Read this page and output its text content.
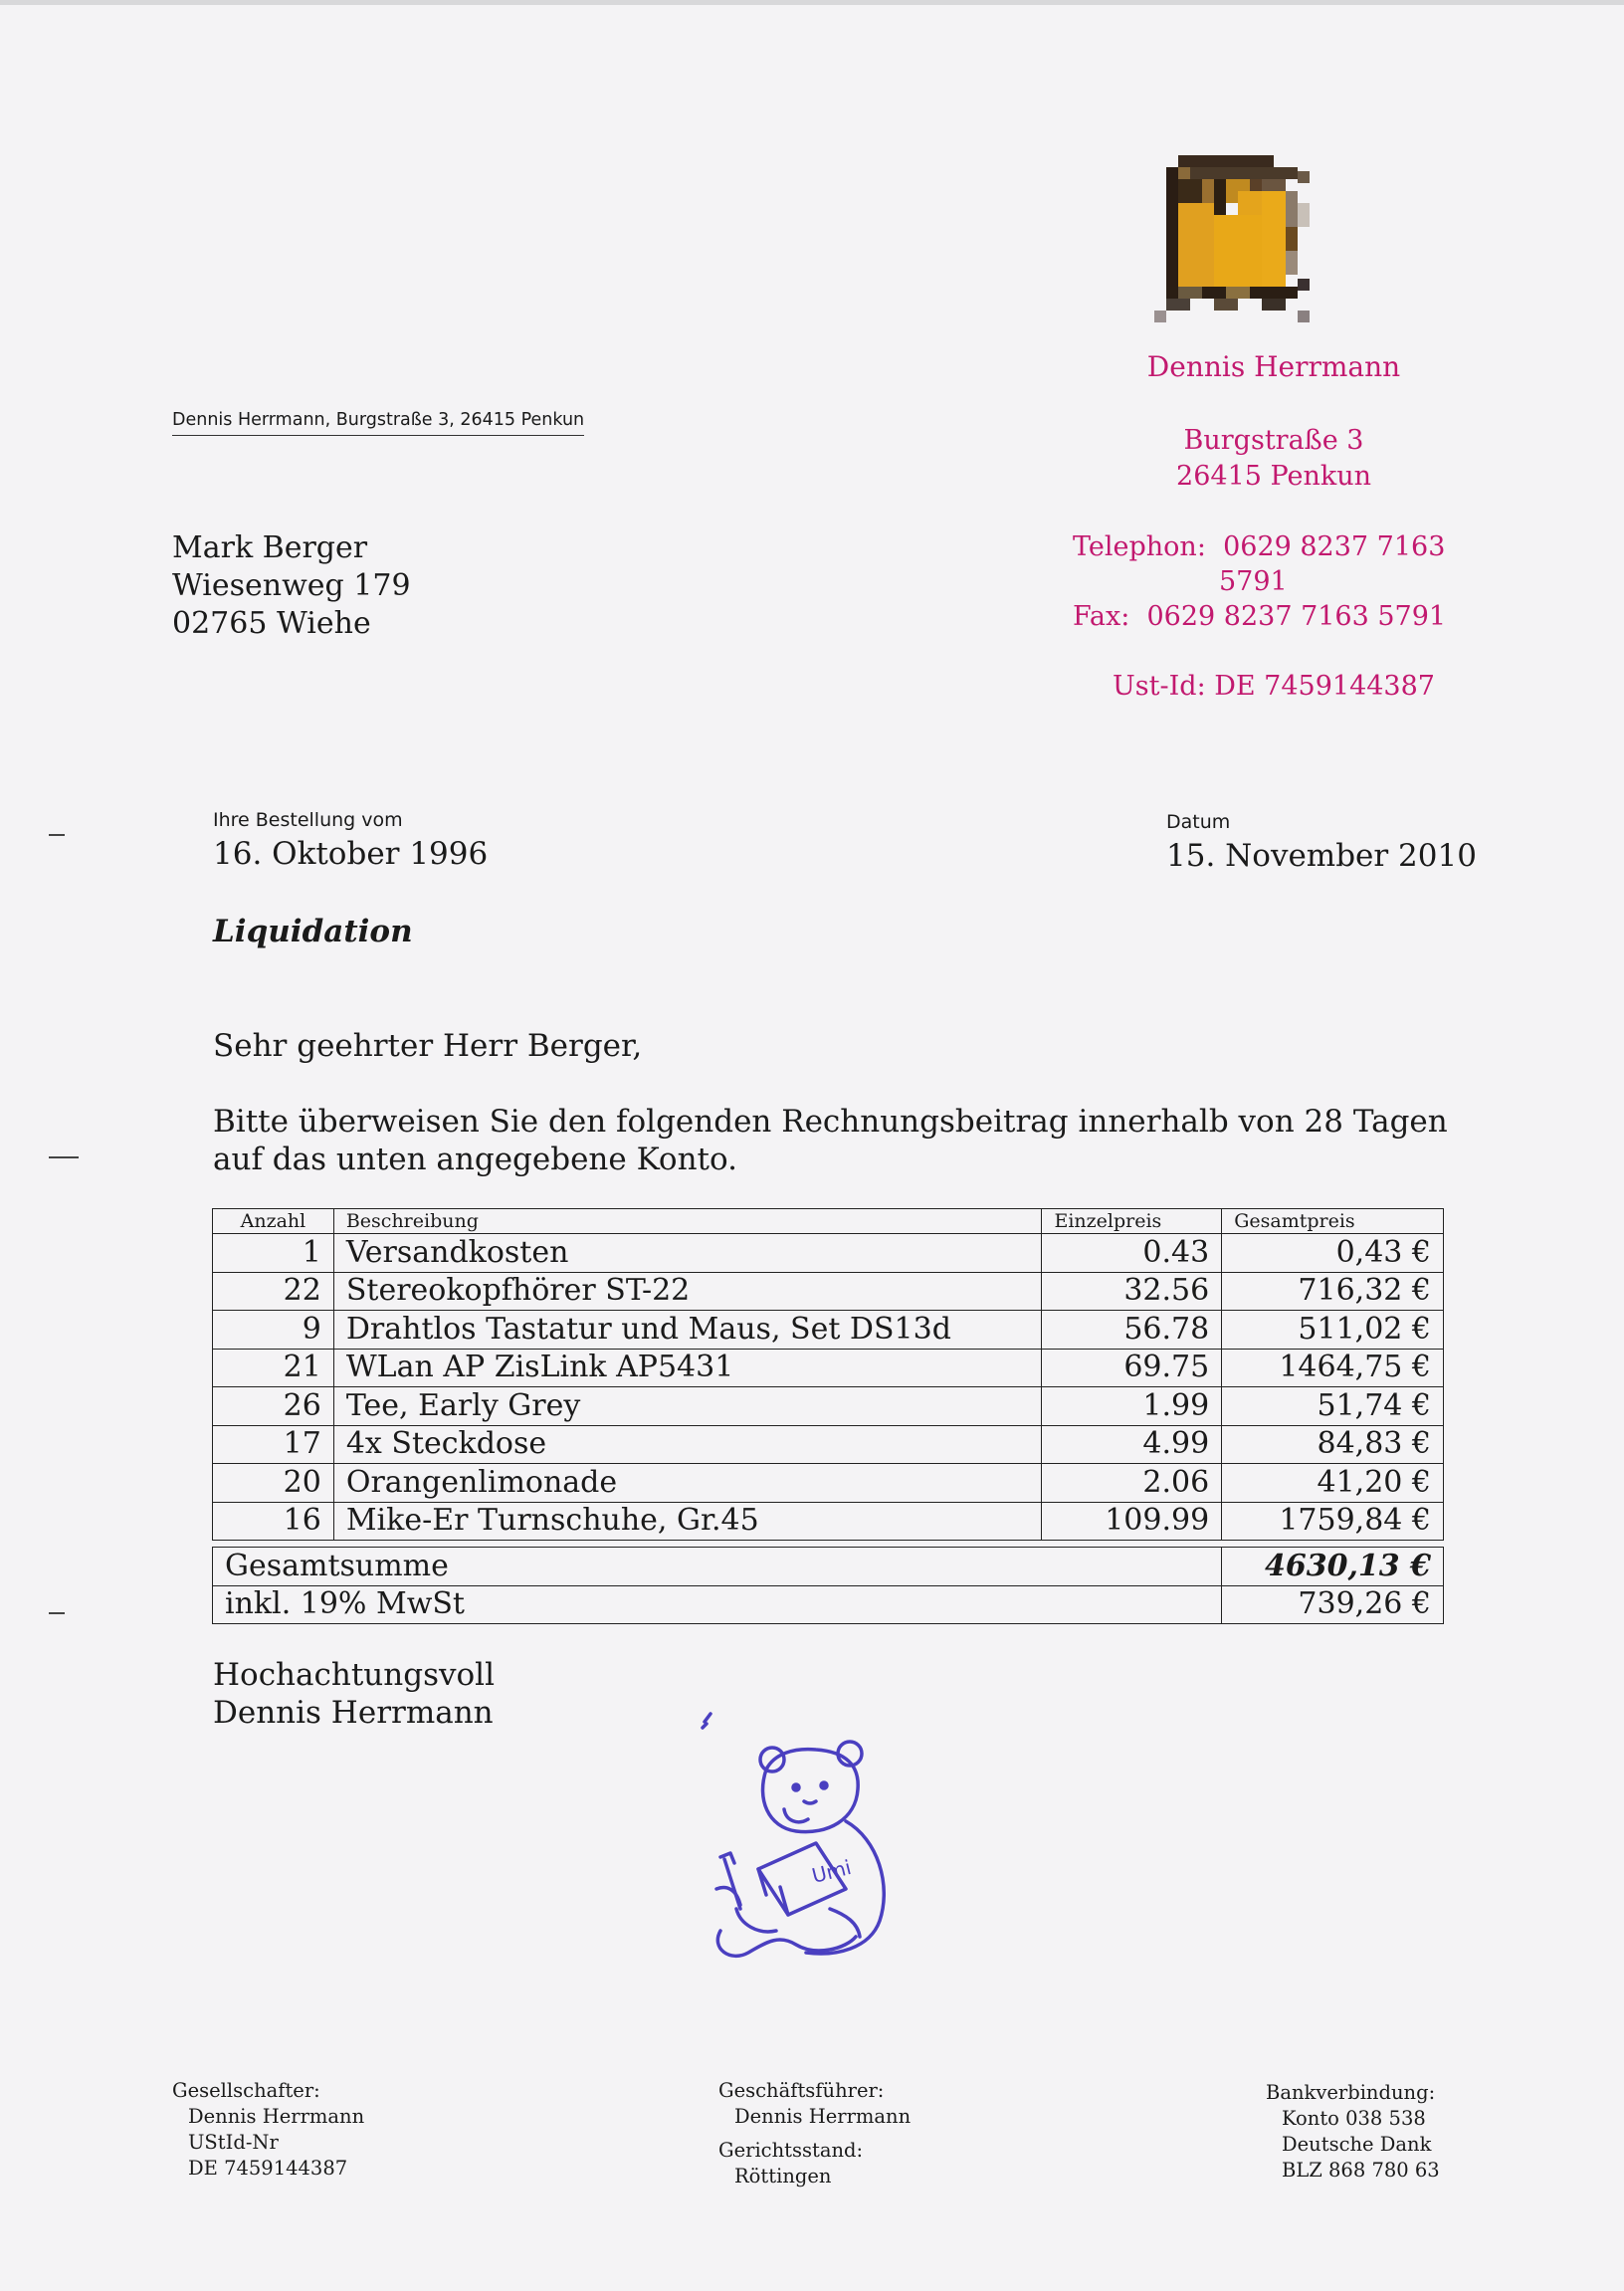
Dennis Herrmann
Dennis Herrmann, Burgstraße 3, 26415 Penkun
Burgstraße 3
26415 Penkun
Mark Berger
Wiesenweg 179
02765 Wiehe
Telephon:  0629 8237 7163
5791
Fax:  0629 8237 7163 5791
Ust-Id: DE 7459144387
Ihre Bestellung vom
16. Oktober 1996
Datum
15. November 2010
Liquidation
Sehr geehrter Herr Berger,
Bitte überweisen Sie den folgenden Rechnungsbeitrag innerhalb von 28 Tagen
auf das unten angegebene Konto.
Anzahl	Beschreibung	Einzelpreis	Gesamtpreis
1	Versandkosten	0.43	0,43 €
22	Stereokopfhörer ST-22	32.56	716,32 €
9	Drahtlos Tastatur und Maus, Set DS13d	56.78	511,02 €
21	WLan AP ZisLink AP5431	69.75	1464,75 €
26	Tee, Early Grey	1.99	51,74 €
17	4x Steckdose	4.99	84,83 €
20	Orangenlimonade	2.06	41,20 €
16	Mike-Er Turnschuhe, Gr.45	109.99	1759,84 €
Gesamtsumme	4630,13 €
inkl. 19% MwSt	739,26 €
Hochachtungsvoll
Dennis Herrmann
Umi
Gesellschafter:
Dennis Herrmann
UStId-Nr
DE 7459144387
Geschäftsführer:
Dennis Herrmann
Gerichtsstand:
Röttingen
Bankverbindung:
Konto 038 538
Deutsche Dank
BLZ 868 780 63
